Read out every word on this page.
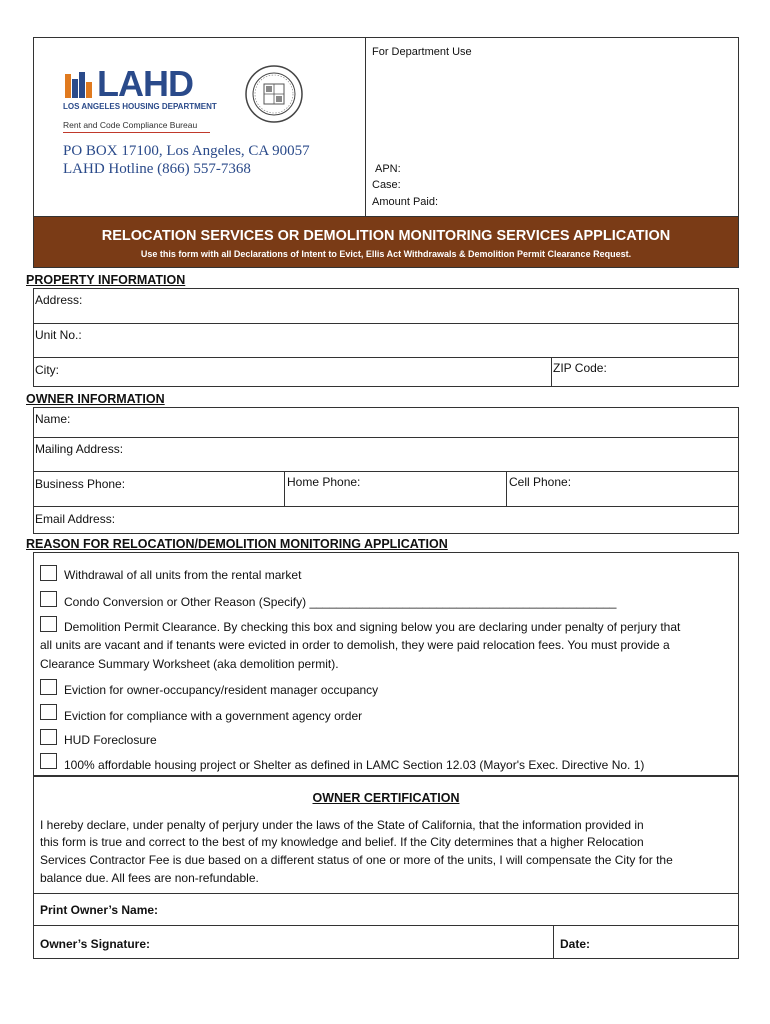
LAHD
LOS ANGELES HOUSING DEPARTMENT
Rent and Code Compliance Bureau
For Department Use
PO BOX 17100, Los Angeles, CA 90057
LAHD Hotline (866) 557-7368	APN:
Case:
Amount Paid:
RELOCATION SERVICES OR DEMOLITION MONITORING SERVICES APPLICATION
Use this form with all Declarations of Intent to Evict, Ellis Act Withdrawals & Demolition Permit Clearance Request.
PROPERTY INFORMATION
Address:
Unit No.:
City:	ZIP Code:
OWNER INFORMATION
Name:
Mailing Address:
Business Phone:	Home Phone:	Cell Phone:
Email Address:
REASON FOR RELOCATION/DEMOLITION MONITORING APPLICATION
Withdrawal of all units from the rental market
Condo Conversion or Other Reason (Specify) ______________________________________________
Demolition Permit Clearance. By checking this box and signing below you are declaring under penalty of perjury that
all units are vacant and if tenants were evicted in order to demolish, they were paid relocation fees. You must provide a
Clearance Summary Worksheet (aka demolition permit).
Eviction for owner-occupancy/resident manager occupancy
Eviction for compliance with a government agency order
HUD Foreclosure
100% affordable housing project or Shelter as defined in LAMC Section 12.03 (Mayor's Exec. Directive No. 1)
OWNER CERTIFICATION
I hereby declare, under penalty of perjury under the laws of the State of California, that the information provided in
this form is true and correct to the best of my knowledge and belief. If the City determines that a higher Relocation
Services Contractor Fee is due based on a different status of one or more of the units, I will compensate the City for the
balance due. All fees are non-refundable.
Print Owner’s Name:
Owner’s Signature:	Date:
